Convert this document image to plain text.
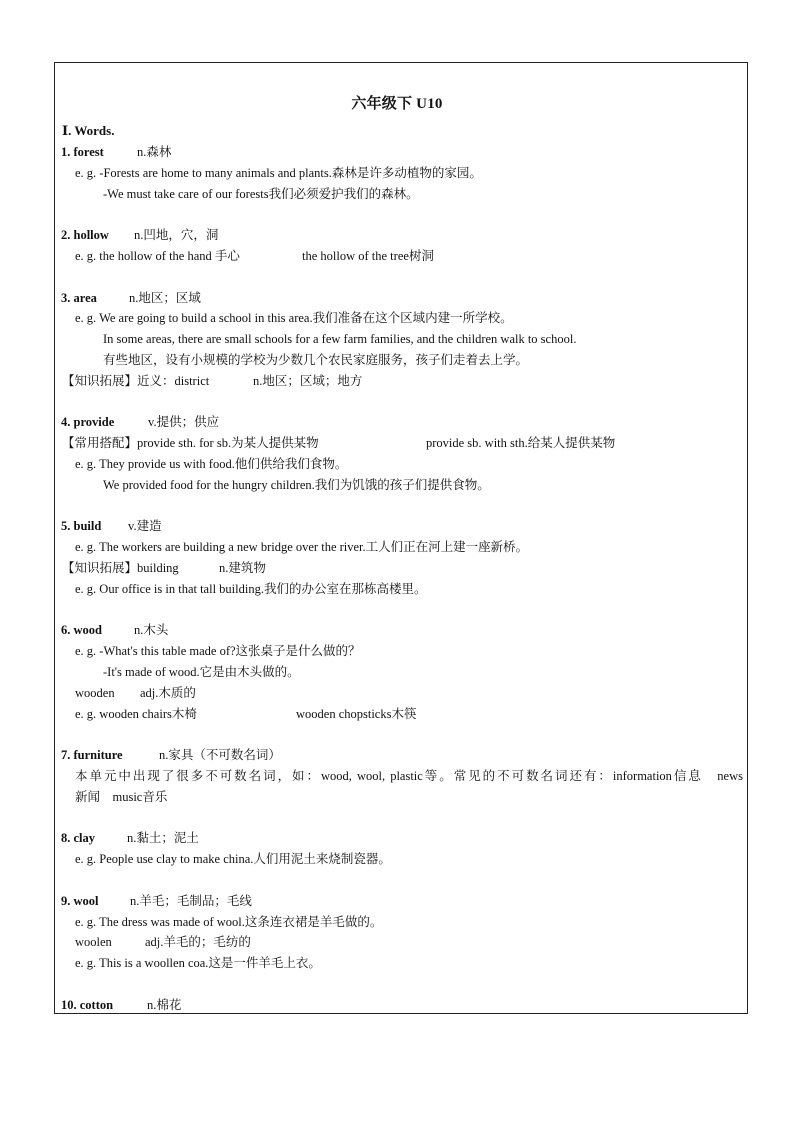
六年级下 U10
Ⅰ. Words.
1. forest	n.森林
e. g. -Forests are home to many animals and plants.森林是许多动植物的家园。
-We must take care of our forests我们必须爱护我们的森林。
2. hollow n.凹地，穴，洞
e. g. the hollow of the hand 手心	the hollow of the tree树洞
3. area	n.地区；区域
e. g. We are going to build a school in this area.我们准备在这个区域内建一所学校。
In some areas, there are small schools for a few farm families, and the children walk to school.
有些地区，设有小规模的学校为少数几个农民家庭服务，孩子们走着去上学。
【知识拓展】近义：district	n.地区；区域；地方
4. provide	v.提供；供应
【常用搭配】provide sth. for sb.为某人提供某物	provide sb. with sth.给某人提供某物
e. g. They provide us with food.他们供给我们食物。
We provided food for the hungry children.我们为饥饿的孩子们提供食物。
5. build v.建造
e. g. The workers are building a new bridge over the river.工人们正在河上建一座新桥。
【知识拓展】building	n.建筑物
e. g. Our office is in that tall building.我们的办公室在那栋高楼里。
6. wood	n.木头
e. g. -What's this table made of?这张桌子是什么做的？
-It's made of wood.它是由木头做的。
wooden adj.木质的
e. g. wooden chairs木椅	wooden chopsticks木筷
7. furniture	n.家具（不可数名词）
本单元中出现了很多不可数名词，如：wood, wool, plastic等。常见的不可数名词还有：information信息　news
新闻　music音乐
8. clay	n.黏土；泥土
e. g. People use clay to make china.人们用泥土来烧制瓷器。
9. wool	n.羊毛；毛制品；毛线
e. g. The dress was made of wool.这条连衣裙是羊毛做的。
woolen	adj.羊毛的；毛纺的
e. g. This is a woollen coa.这是一件羊毛上衣。
10. cotton	n.棉花
